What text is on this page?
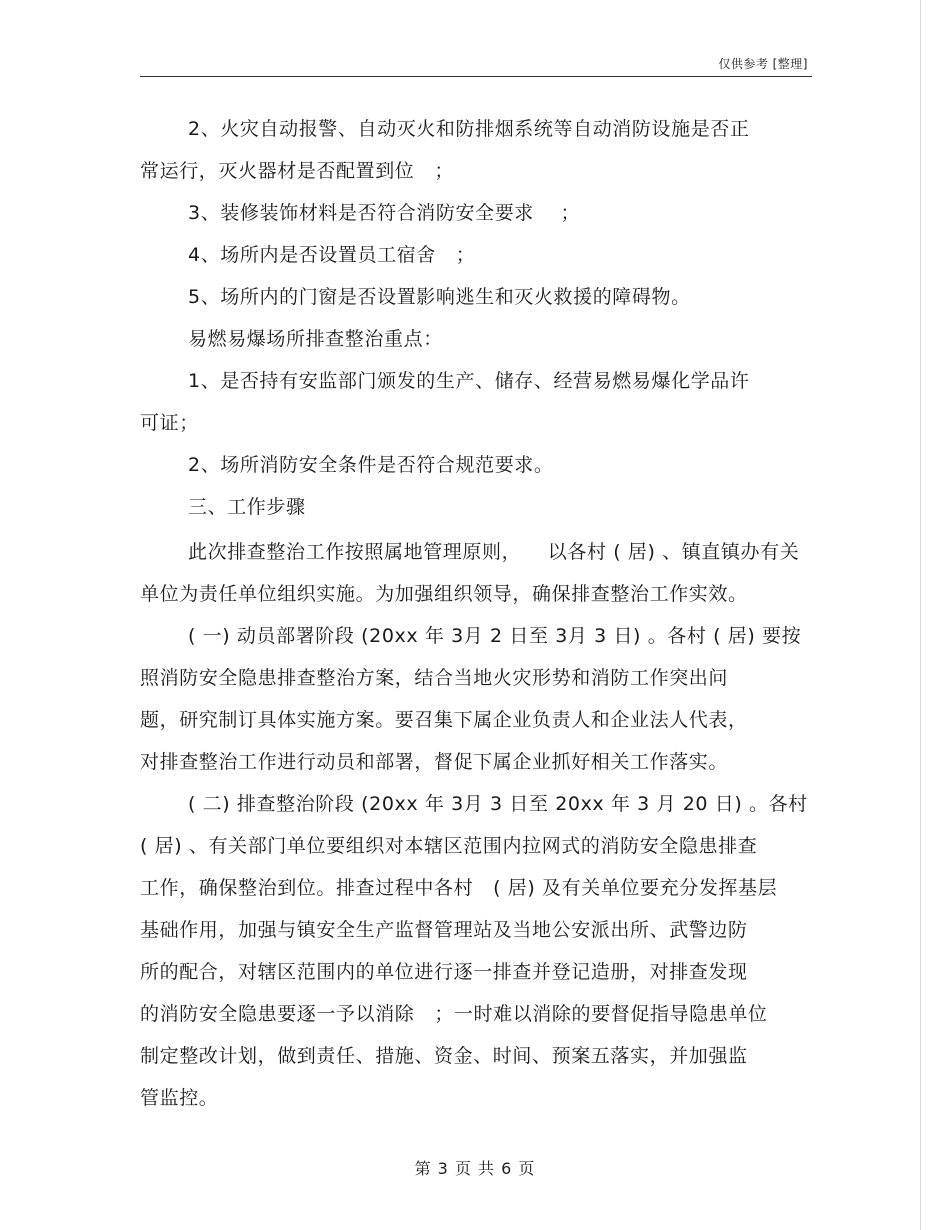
仅供参考 [整理]
2、火灾自动报警、自动灭火和防排烟系统等自动消防设施是否正
常运行，灭火器材是否配置到位   ；
3、装修装饰材料是否符合消防安全要求    ；
4、场所内是否设置员工宿舍   ；
5、场所内的门窗是否设置影响逃生和灭火救援的障碍物。
易燃易爆场所排查整治重点：
1、是否持有安监部门颁发的生产、储存、经营易燃易爆化学品许
可证；
2、场所消防安全条件是否符合规范要求。
三、工作步骤
此次排查整治工作按照属地管理原则，    以各村 ( 居) 、镇直镇办有关
单位为责任单位组织实施。为加强组织领导，确保排查整治工作实效。
( 一) 动员部署阶段 (20xx 年 3月 2 日至 3月 3 日) 。各村 ( 居) 要按
照消防安全隐患排查整治方案，结合当地火灾形势和消防工作突出问
题，研究制订具体实施方案。要召集下属企业负责人和企业法人代表，
对排查整治工作进行动员和部署，督促下属企业抓好相关工作落实。
( 二) 排查整治阶段 (20xx 年 3月 3 日至 20xx 年 3 月 20 日) 。各村
( 居) 、有关部门单位要组织对本辖区范围内拉网式的消防安全隐患排查
工作，确保整治到位。排查过程中各村   ( 居) 及有关单位要充分发挥基层
基础作用，加强与镇安全生产监督管理站及当地公安派出所、武警边防
所的配合，对辖区范围内的单位进行逐一排查并登记造册，对排查发现
的消防安全隐患要逐一予以消除   ；一时难以消除的要督促指导隐患单位
制定整改计划，做到责任、措施、资金、时间、预案五落实，并加强监
管监控。
第 3 页 共 6 页
